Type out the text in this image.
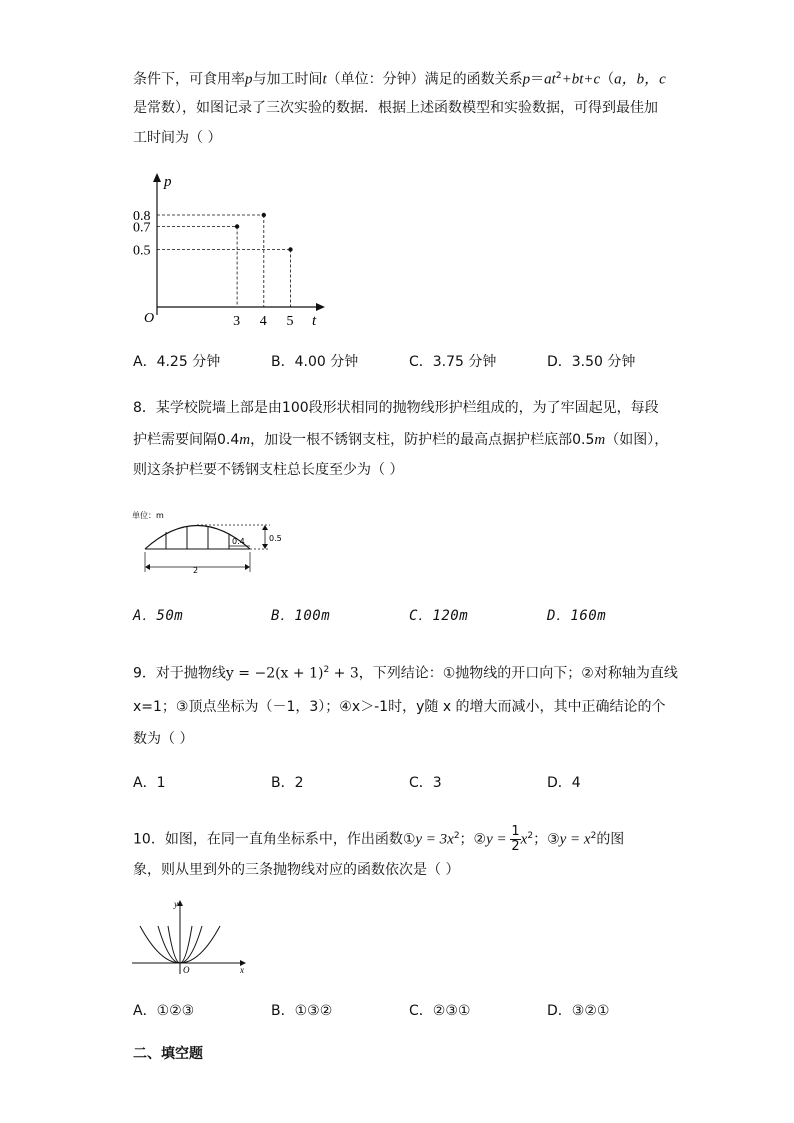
条件下，可食用率p与加工时间t（单位：分钟）满足的函数关系$p=at^2+bt+c(a$，b，c
是常数），如图记录了三次实验的数据．根据上述函数模型和实验数据，可得到最佳加
工时间为（ ）
p
t
O	3 4 5
0.8
0.7
0.5
A．4.25 分钟	B．4.00 分钟	C．3.75 分钟	D．3.50 分钟
8．某学校院墙上部是由100段形状相同的抛物线形护栏组成的，为了牢固起见，每段
护栏需要间隔0.4m，加设一根不锈钢支柱，防护栏的最高点据护栏底部0.5m（如图），
则这条护栏要不锈钢支柱总长度至少为（ ）
单位：m
0.5
0.4
2
A．50m	B．100m	C．120m	D．160m
9．对于抛物线$y = -2(x + 1)^2 + 3$，下列结论：①抛物线的开口向下；②对称轴为直线
x=1；③顶点坐标为（－1，3）；④x＞-1时，y随 x 的增大而减小，其中正确结论的个
数为（ ）
A．1	B．2	C．3	D．4
10．如图，在同一直角坐标系中，作出函数①y = $3x^2$；②y = $\frac{1}{2} x^2$；③y = $x^2$的图
象，则从里到外的三条抛物线对应的函数依次是（ ）
y
x
O
A．①②③	B．①③②	C．②③①	D．③②①
二、填空题
